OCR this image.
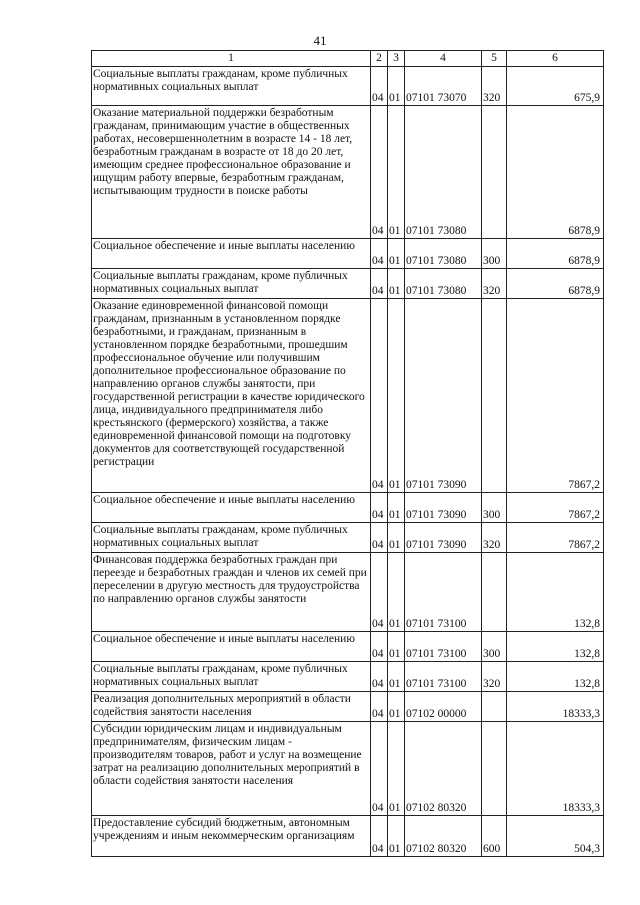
41
1	2	3	4	5	6
Социальные выплаты гражданам, кроме публичных нормативных социальных выплат	04	01	07101 73070	320	675,9
Оказание материальной поддержки безработным гражданам, принимающим участие в общественных работах, несовершеннолетним в возрасте 14 - 18 лет, безработным гражданам в возрасте от 18 до 20 лет, имеющим среднее профессиональное образование и ищущим работу впервые, безработным гражданам, испытывающим трудности в поиске работы	04	01	07101 73080		6878,9
Социальное обеспечение и иные выплаты населению	04	01	07101 73080	300	6878,9
Социальные выплаты гражданам, кроме публичных нормативных социальных выплат	04	01	07101 73080	320	6878,9
Оказание единовременной финансовой помощи гражданам, признанным в установленном порядке безработными, и гражданам, признанным в установленном порядке безработными, прошедшим профессиональное обучение или получившим дополнительное профессиональное образование по направлению органов службы занятости, при государственной регистрации в качестве юридического лица, индивидуального предпринимателя либо крестьянского (фермерского) хозяйства, а также единовременной финансовой помощи на подготовку документов для соответствующей государственной регистрации	04	01	07101 73090		7867,2
Социальное обеспечение и иные выплаты населению	04	01	07101 73090	300	7867,2
Социальные выплаты гражданам, кроме публичных нормативных социальных выплат	04	01	07101 73090	320	7867,2
Финансовая поддержка безработных граждан при переезде и безработных граждан и членов их семей при переселении в другую местность для трудоустройства по направлению органов службы занятости	04	01	07101 73100		132,8
Социальное обеспечение и иные выплаты населению	04	01	07101 73100	300	132,8
Социальные выплаты гражданам, кроме публичных нормативных социальных выплат	04	01	07101 73100	320	132,8
Реализация дополнительных мероприятий в области содействия занятости населения	04	01	07102 00000		18333,3
Субсидии юридическим лицам и индивидуальным предпринимателям, физическим лицам - производителям товаров, работ и услуг на возмещение затрат на реализацию дополнительных мероприятий в области содействия занятости населения	04	01	07102 80320		18333,3
Предоставление субсидий бюджетным, автономным учреждениям и иным некоммерческим организациям	04	01	07102 80320	600	504,3
